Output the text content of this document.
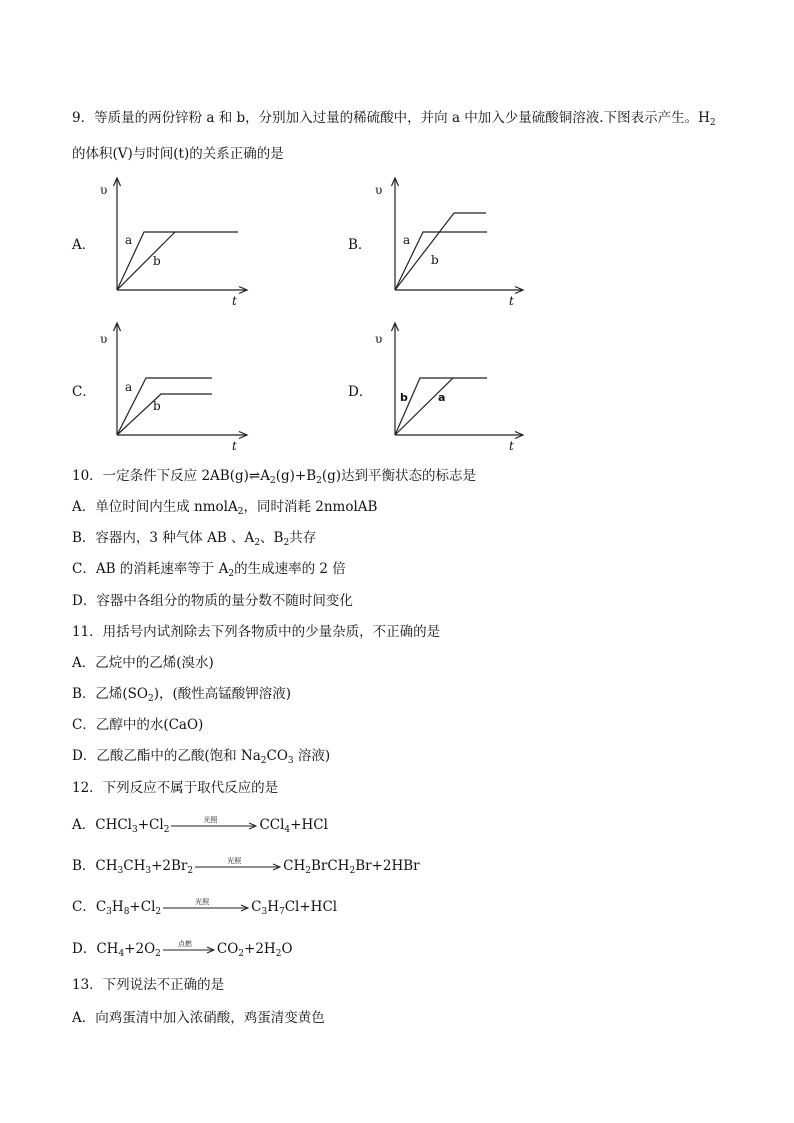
9．等质量的两份锌粉 a 和 b，分别加入过量的稀硫酸中，并向 a 中加入少量硫酸铜溶液.下图表示产生。$H_2$
的体积(V)与时间(t)的关系正确的是
A．
υ
t
a
b
B．
υ
t
a
b
C．
υ
t
a
b
D．
υ
t
b	a
10．一定条件下反应 $2AB(g)\rightleftharpoons A_2(g)+B_2(g)$达到平衡状态的标志是
A．单位时间内生成 nmolA$_2$，同时消耗 2nmolAB
B．容器内，3 种气体 AB 、$A_2$、$B_2$共存
C．AB 的消耗速率等于 $A_2$的生成速率的 2 倍
D．容器中各组分的物质的量分数不随时间变化
11．用括号内试剂除去下列各物质中的少量杂质，不正确的是
A．乙烷中的乙烯(溴水)
B．乙烯$(SO_2)$，(酸性高锰酸钾溶液)
C．乙醇中的水(CaO)
D．乙酸乙酯中的乙酸(饱和 $Na_2CO_3$ 溶液)
12．下列反应不属于取代反应的是
A．$CHCl_3+Cl_2$
光照	CCl$_4$+HCl
B．$CH_3CH_3+2Br_2$
光照	$CH_2BrCH_2Br+2HBr$
C．$C_3H_8+Cl_2$
光照	$C_3H_7Cl+HCl$
D．$CH_4+2O_2$
点燃	$CO_2+2H_2O$
13．下列说法不正确的是
A．向鸡蛋清中加入浓硝酸，鸡蛋清变黄色
